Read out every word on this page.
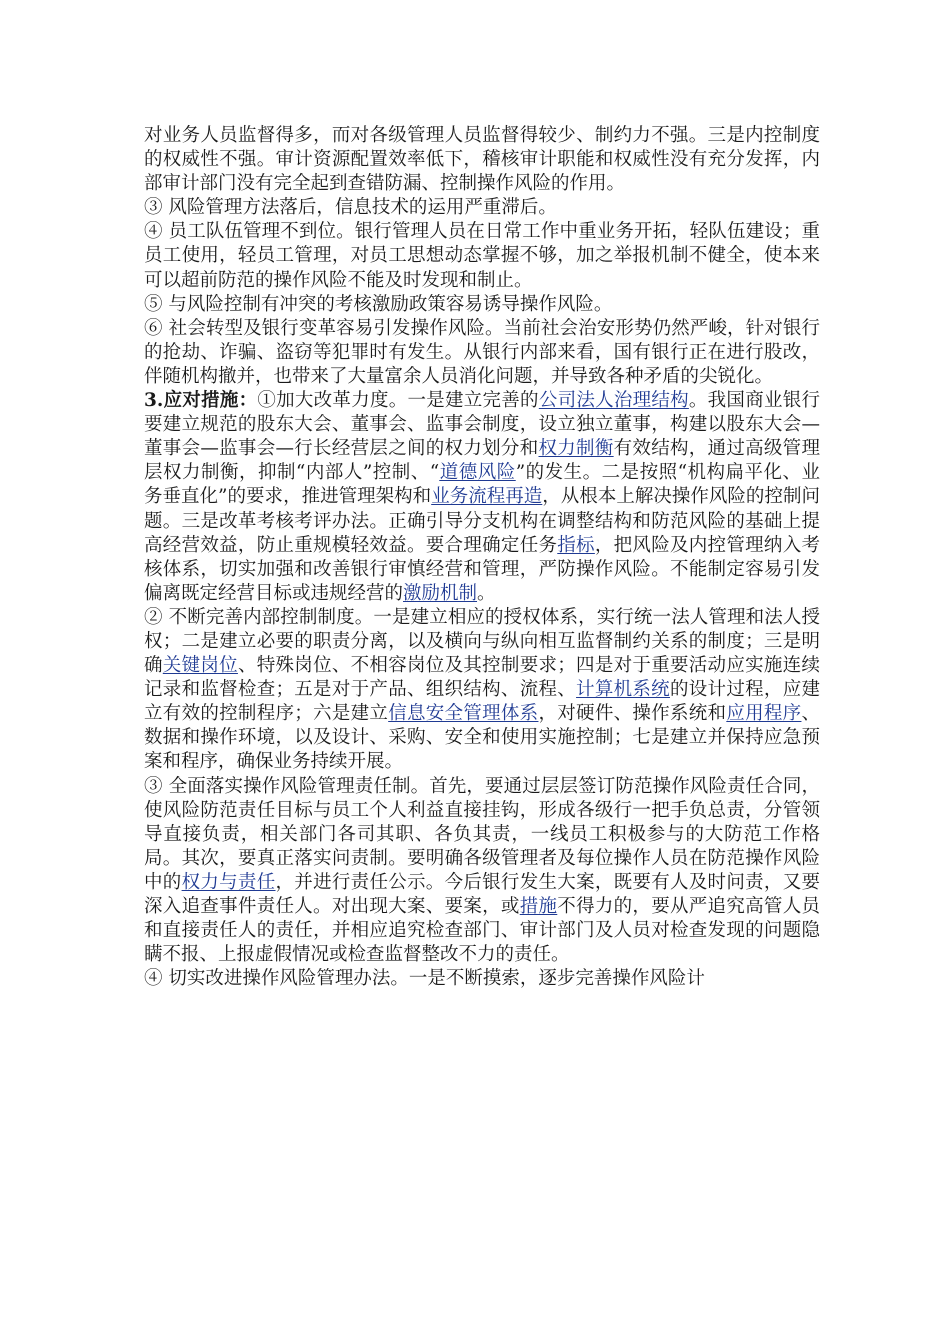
对业务人员监督得多，而对各级管理人员监督得较少、制约力不强。三是内控制度的权威性不强。审计资源配置效率低下，稽核审计职能和权威性没有充分发挥，内部审计部门没有完全起到查错防漏、控制操作风险的作用。

③ 风险管理方法落后，信息技术的运用严重滞后。

④ 员工队伍管理不到位。银行管理人员在日常工作中重业务开拓，轻队伍建设；重员工使用，轻员工管理，对员工思想动态掌握不够，加之举报机制不健全，使本来可以超前防范的操作风险不能及时发现和制止。

⑤ 与风险控制有冲突的考核激励政策容易诱导操作风险。

⑥ 社会转型及银行变革容易引发操作风险。当前社会治安形势仍然严峻，针对银行的抢劫、诈骗、盗窃等犯罪时有发生。从银行内部来看，国有银行正在进行股改，伴随机构撤并，也带来了大量富余人员消化问题，并导致各种矛盾的尖锐化。

3.应对措施：①加大改革力度。一是建立完善的公司法人治理结构。我国商业银行要建立规范的股东大会、董事会、监事会制度，设立独立董事，构建以股东大会—董事会—监事会—行长经营层之间的权力划分和权力制衡有效结构，通过高级管理层权力制衡，抑制“内部人”控制、“道德风险”的发生。二是按照“机构扁平化、业务垂直化”的要求，推进管理架构和业务流程再造，从根本上解决操作风险的控制问题。三是改革考核考评办法。正确引导分支机构在调整结构和防范风险的基础上提高经营效益，防止重规模轻效益。要合理确定任务指标，把风险及内控管理纳入考核体系，切实加强和改善银行审慎经营和管理，严防操作风险。不能制定容易引发偏离既定经营目标或违规经营的激励机制。

② 不断完善内部控制制度。一是建立相应的授权体系，实行统一法人管理和法人授权；二是建立必要的职责分离，以及横向与纵向相互监督制约关系的制度；三是明确关键岗位、特殊岗位、不相容岗位及其控制要求；四是对于重要活动应实施连续记录和监督检查；五是对于产品、组织结构、流程、计算机系统的设计过程，应建立有效的控制程序；六是建立信息安全管理体系，对硬件、操作系统和应用程序、数据和操作环境，以及设计、采购、安全和使用实施控制；七是建立并保持应急预案和程序，确保业务持续开展。

③ 全面落实操作风险管理责任制。首先，要通过层层签订防范操作风险责任合同，使风险防范责任目标与员工个人利益直接挂钩，形成各级行一把手负总责，分管领导直接负责，相关部门各司其职、各负其责，一线员工积极参与的大防范工作格局。其次，要真正落实问责制。要明确各级管理者及每位操作人员在防范操作风险中的权力与责任，并进行责任公示。今后银行发生大案，既要有人及时问责，又要深入追查事件责任人。对出现大案、要案，或措施不得力的，要从严追究高管人员和直接责任人的责任，并相应追究检查部门、审计部门及人员对检查发现的问题隐瞒不报、上报虚假情况或检查监督整改不力的责任。

④ 切实改进操作风险管理办法。一是不断摸索，逐步完善操作风险计
